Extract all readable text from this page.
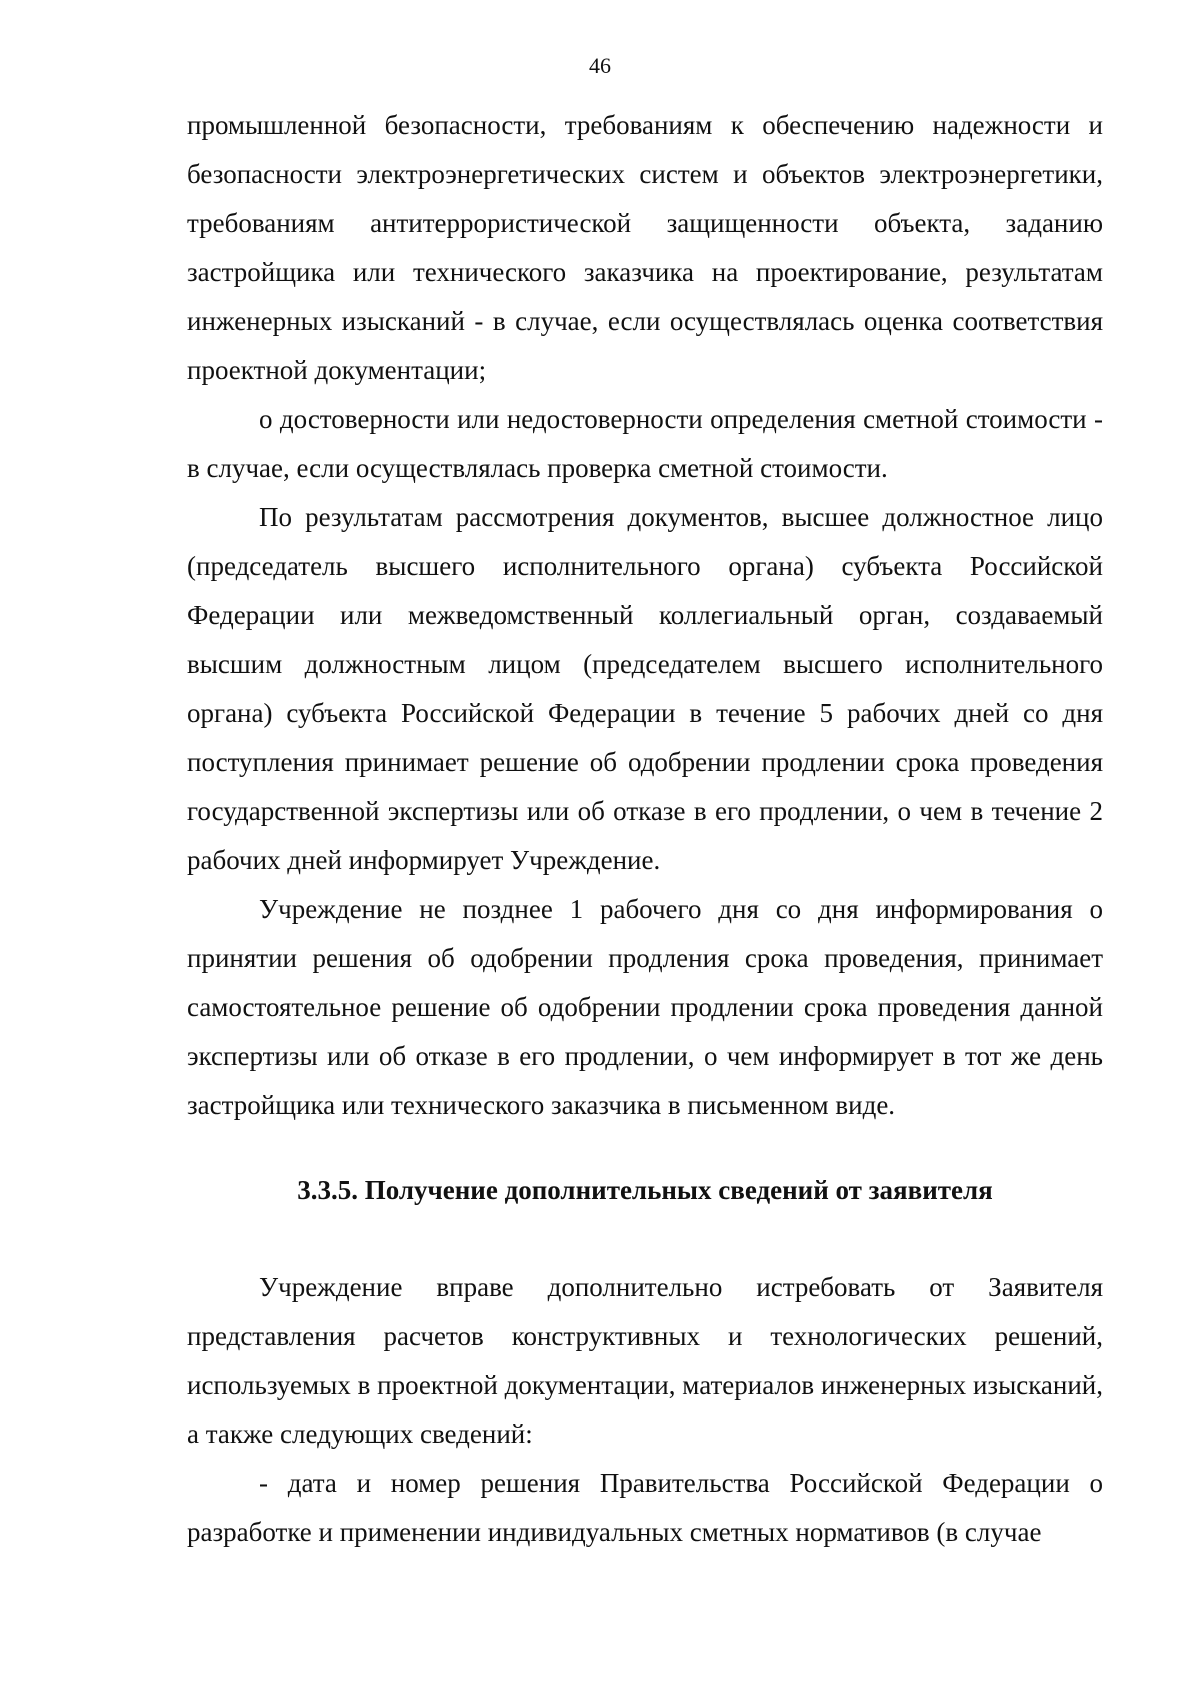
46

промышленной безопасности, требованиям к обеспечению надежности и безопасности электроэнергетических систем и объектов электроэнергетики, требованиям антитеррористической защищенности объекта, заданию застройщика или технического заказчика на проектирование, результатам инженерных изысканий - в случае, если осуществлялась оценка соответствия проектной документации;

о достоверности или недостоверности определения сметной стоимости - в случае, если осуществлялась проверка сметной стоимости.

По результатам рассмотрения документов, высшее должностное лицо (председатель высшего исполнительного органа) субъекта Российской Федерации или межведомственный коллегиальный орган, создаваемый высшим должностным лицом (председателем высшего исполнительного органа) субъекта Российской Федерации в течение 5 рабочих дней со дня поступления принимает решение об одобрении продлении срока проведения государственной экспертизы или об отказе в его продлении, о чем в течение 2 рабочих дней информирует Учреждение.

Учреждение не позднее 1 рабочего дня со дня информирования о принятии решения об одобрении продления срока проведения, принимает самостоятельное решение об одобрении продлении срока проведения данной экспертизы или об отказе в его продлении, о чем информирует в тот же день застройщика или технического заказчика в письменном виде.

3.3.5. Получение дополнительных сведений от заявителя

Учреждение вправе дополнительно истребовать от Заявителя представления расчетов конструктивных и технологических решений, используемых в проектной документации, материалов инженерных изысканий, а также следующих сведений:

- дата и номер решения Правительства Российской Федерации о разработке и применении индивидуальных сметных нормативов (в случае
